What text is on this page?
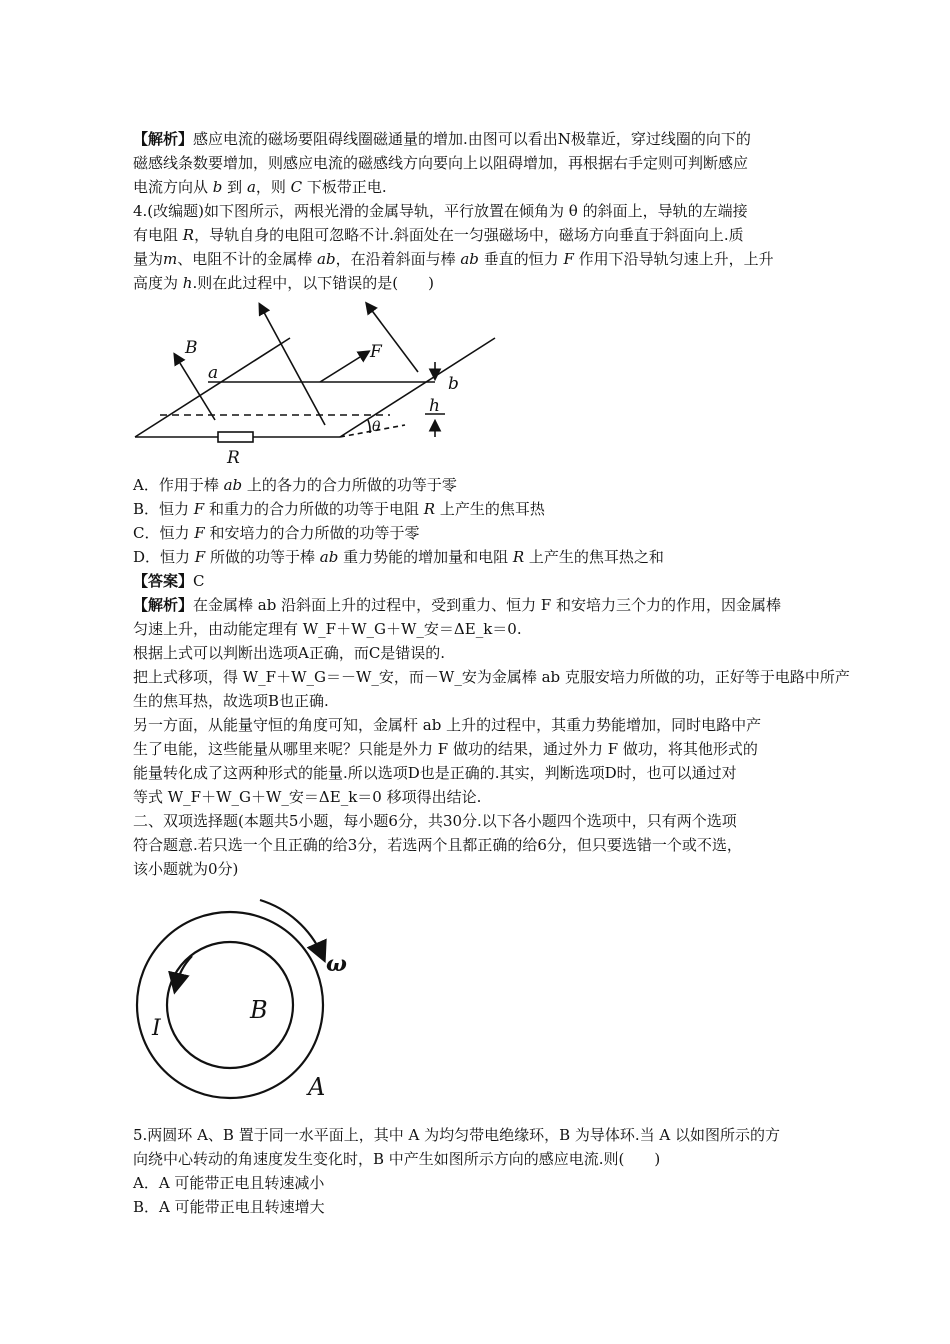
【解析】感应电流的磁场要阻碍线圈磁通量的增加.由图可以看出N极靠近，穿过线圈的向下的
磁感线条数要增加，则感应电流的磁感线方向要向上以阻碍增加，再根据右手定则可判断感应
电流方向从 b 到 a，则 C 下板带正电.
4.(改编题)如下图所示，两根光滑的金属导轨，平行放置在倾角为 θ 的斜面上，导轨的左端接
有电阻 R，导轨自身的电阻可忽略不计.斜面处在一匀强磁场中，磁场方向垂直于斜面向上.质
量为m、电阻不计的金属棒 ab，在沿着斜面与棒 ab 垂直的恒力 F 作用下沿导轨匀速上升，上升
高度为 h.则在此过程中，以下错误的是(　　)
B	F
a
b
h
θ
R
A．作用于棒 ab 上的各力的合力所做的功等于零
B．恒力 F 和重力的合力所做的功等于电阻 R 上产生的焦耳热
C．恒力 F 和安培力的合力所做的功等于零
D．恒力 F 所做的功等于棒 ab 重力势能的增加量和电阻 R 上产生的焦耳热之和
【答案】C
【解析】在金属棒 ab 沿斜面上升的过程中，受到重力、恒力 F 和安培力三个力的作用，因金属棒
匀速上升，由动能定理有 W_F＋W_G＋W_安＝ΔE_k＝0.
根据上式可以判断出选项A正确，而C是错误的.
把上式移项，得 W_F＋W_G＝－W_安，而－W_安为金属棒 ab 克服安培力所做的功，正好等于电路中所产
生的焦耳热，故选项B也正确.
另一方面，从能量守恒的角度可知，金属杆 ab 上升的过程中，其重力势能增加，同时电路中产
生了电能，这些能量从哪里来呢？只能是外力 F 做功的结果，通过外力 F 做功，将其他形式的
能量转化成了这两种形式的能量.所以选项D也是正确的.其实，判断选项D时，也可以通过对
等式 W_F＋W_G＋W_安＝ΔE_k＝0 移项得出结论.
二、双项选择题(本题共5小题，每小题6分，共30分.以下各小题四个选项中，只有两个选项
符合题意.若只选一个且正确的给3分，若选两个且都正确的给6分，但只要选错一个或不选，
该小题就为0分)
ω
I
B
A
5.两圆环 A、B 置于同一水平面上，其中 A 为均匀带电绝缘环，B 为导体环.当 A 以如图所示的方
向绕中心转动的角速度发生变化时，B 中产生如图所示方向的感应电流.则(　　)
A．A 可能带正电且转速减小
B．A 可能带正电且转速增大
